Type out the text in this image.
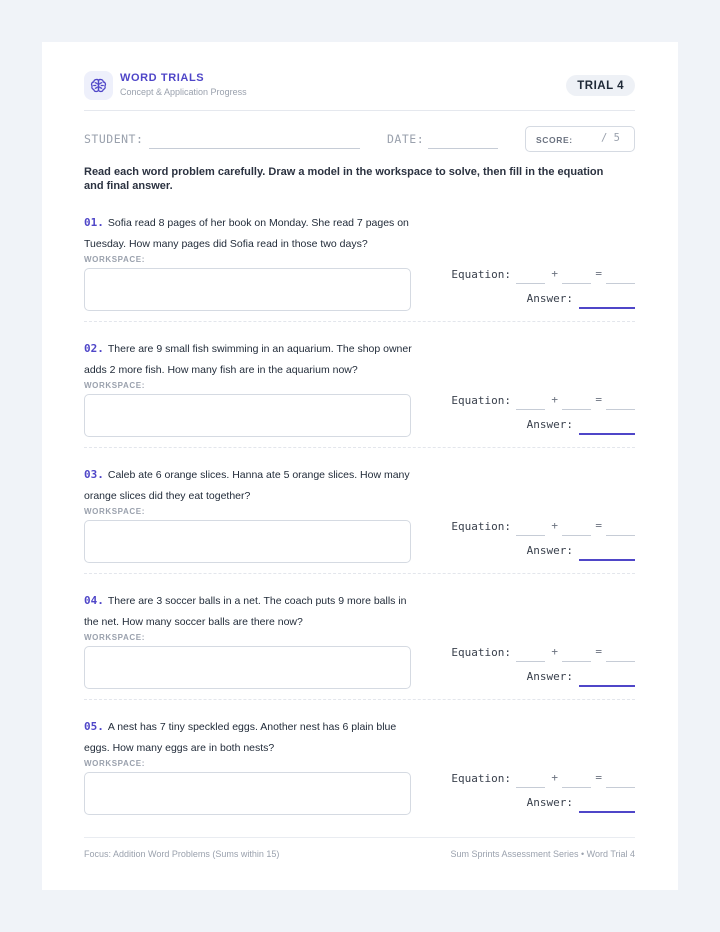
WORD TRIALS
Concept & Application Progress
TRIAL 4
STUDENT:	DATE:	SCORE:	/ 5
Read each word problem carefully. Draw a model in the workspace to solve, then fill in the equation and final answer.
01. Sofia read 8 pages of her book on Monday. She read 7 pages on Tuesday. How many pages did Sofia read in those two days?
WORKSPACE:
Equation:	+	=
Answer:
02. There are 9 small fish swimming in an aquarium. The shop owner adds 2 more fish. How many fish are in the aquarium now?
WORKSPACE:
Equation:	+	=
Answer:
03. Caleb ate 6 orange slices. Hanna ate 5 orange slices. How many orange slices did they eat together?
WORKSPACE:
Equation:	+	=
Answer:
04. There are 3 soccer balls in a net. The coach puts 9 more balls in the net. How many soccer balls are there now?
WORKSPACE:
Equation:	+	=
Answer:
05. A nest has 7 tiny speckled eggs. Another nest has 6 plain blue eggs. How many eggs are in both nests?
WORKSPACE:
Equation:	+	=
Answer:
Focus: Addition Word Problems (Sums within 15)	Sum Sprints Assessment Series • Word Trial 4
